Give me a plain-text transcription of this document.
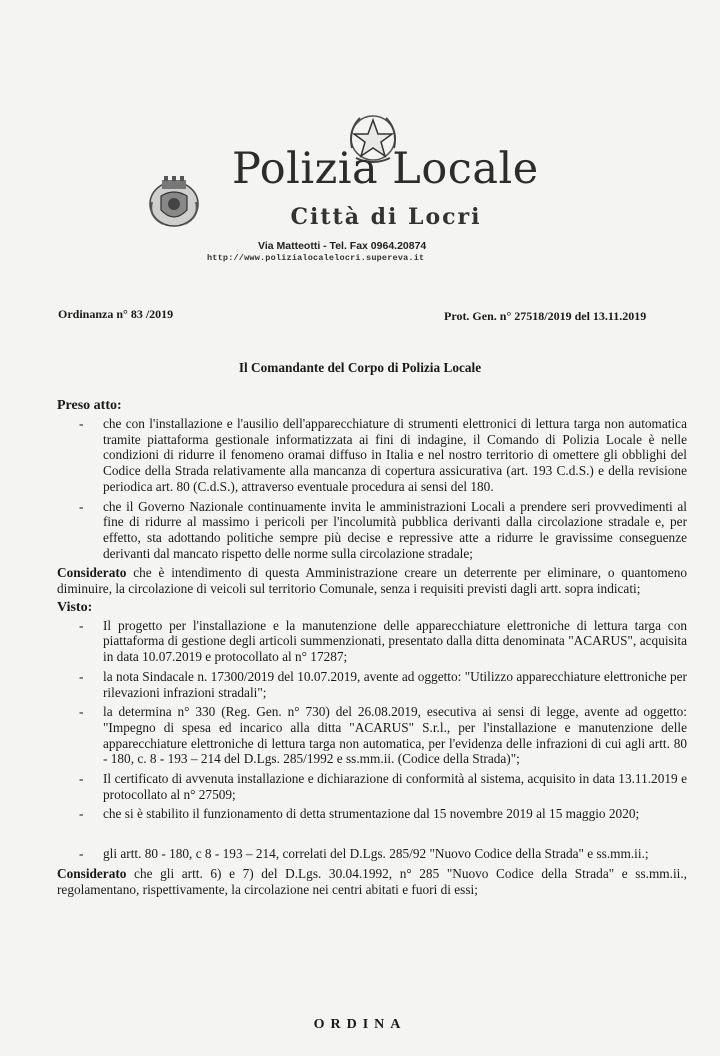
Polizia Locale
Città di Locri
Via Matteotti - Tel. Fax 0964.20874
http://www.polizialocalelocri.supereva.it
Ordinanza n° 83 /2019	Prot. Gen. n° 27518/2019 del 13.11.2019
Il Comandante del Corpo di Polizia Locale
Preso atto:
- che con l'installazione e l'ausilio dell'apparecchiature di strumenti elettronici di lettura targa non automatica tramite piattaforma gestionale informatizzata ai fini di indagine, il Comando di Polizia Locale è nelle condizioni di ridurre il fenomeno oramai diffuso in Italia e nel nostro territorio di omettere gli obblighi del Codice della Strada relativamente alla mancanza di copertura assicurativa (art. 193 C.d.S.) e della revisione periodica art. 80 (C.d.S.), attraverso eventuale procedura ai sensi del 180.
- che il Governo Nazionale continuamente invita le amministrazioni Locali a prendere seri provvedimenti al fine di ridurre al massimo i pericoli per l'incolumità pubblica derivanti dalla circolazione stradale e, per effetto, sta adottando politiche sempre più decise e repressive atte a ridurre le gravissime conseguenze derivanti dal mancato rispetto delle norme sulla circolazione stradale;
Considerato che è intendimento di questa Amministrazione creare un deterrente per eliminare, o quantomeno diminuire, la circolazione di veicoli sul territorio Comunale, senza i requisiti previsti dagli artt. sopra indicati;
Visto:
- Il progetto per l'installazione e la manutenzione delle apparecchiature elettroniche di lettura targa con piattaforma di gestione degli articoli summenzionati, presentato dalla ditta denominata "ACARUS", acquisita in data 10.07.2019 e protocollato al n° 17287;
- la nota Sindacale n. 17300/2019 del 10.07.2019, avente ad oggetto: "Utilizzo apparecchiature elettroniche per rilevazioni infrazioni stradali";
- la determina n° 330 (Reg. Gen. n° 730) del 26.08.2019, esecutiva ai sensi di legge, avente ad oggetto: "Impegno di spesa ed incarico alla ditta "ACARUS" S.r.l., per l'installazione e manutenzione delle apparecchiature elettroniche di lettura targa non automatica, per l'evidenza delle infrazioni di cui agli artt. 80 - 180, c. 8 - 193 – 214 del D.Lgs. 285/1992 e ss.mm.ii. (Codice della Strada)";
- Il certificato di avvenuta installazione e dichiarazione di conformità al sistema, acquisito in data 13.11.2019 e protocollato al n° 27509;
- che si è stabilito il funzionamento di detta strumentazione dal 15 novembre 2019 al 15 maggio 2020;
- gli artt. 80 - 180, c 8 - 193 – 214, correlati del D.Lgs. 285/92 "Nuovo Codice della Strada" e ss.mm.ii.;
Considerato che gli artt. 6) e 7) del D.Lgs. 30.04.1992, n° 285 "Nuovo Codice della Strada" e ss.mm.ii., regolamentano, rispettivamente, la circolazione nei centri abitati e fuori di essi;
ORDINA
